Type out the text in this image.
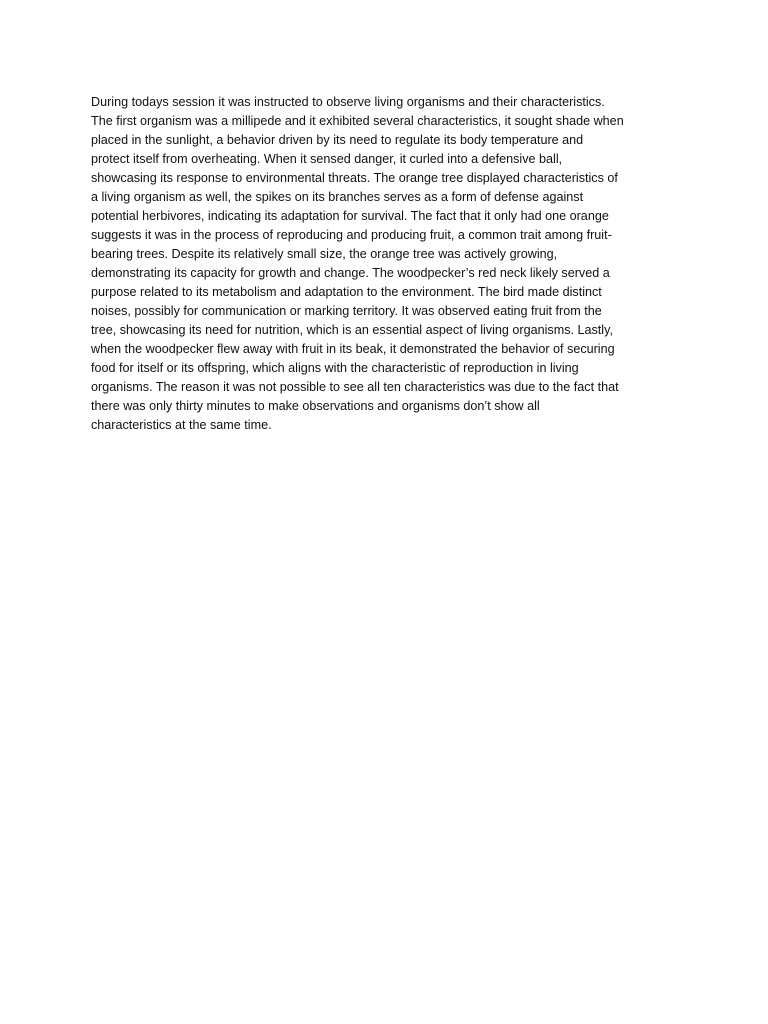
During todays session it was instructed to observe living organisms and their characteristics.

The first organism was a millipede and it exhibited several characteristics, it sought shade when

placed in the sunlight, a behavior driven by its need to regulate its body temperature and

protect itself from overheating. When it sensed danger, it curled into a defensive ball,

showcasing its response to environmental threats. The orange tree displayed characteristics of

a living organism as well, the spikes on its branches serves as a form of defense against

potential herbivores, indicating its adaptation for survival. The fact that it only had one orange

suggests it was in the process of reproducing and producing fruit, a common trait among fruit-

bearing trees. Despite its relatively small size, the orange tree was actively growing,

demonstrating its capacity for growth and change. The woodpecker’s red neck likely served a

purpose related to its metabolism and adaptation to the environment. The bird made distinct

noises, possibly for communication or marking territory. It was observed eating fruit from the

tree, showcasing its need for nutrition, which is an essential aspect of living organisms. Lastly,

when the woodpecker flew away with fruit in its beak, it demonstrated the behavior of securing

food for itself or its offspring, which aligns with the characteristic of reproduction in living

organisms. The reason it was not possible to see all ten characteristics was due to the fact that

there was only thirty minutes to make observations and organisms don’t show all

characteristics at the same time.
